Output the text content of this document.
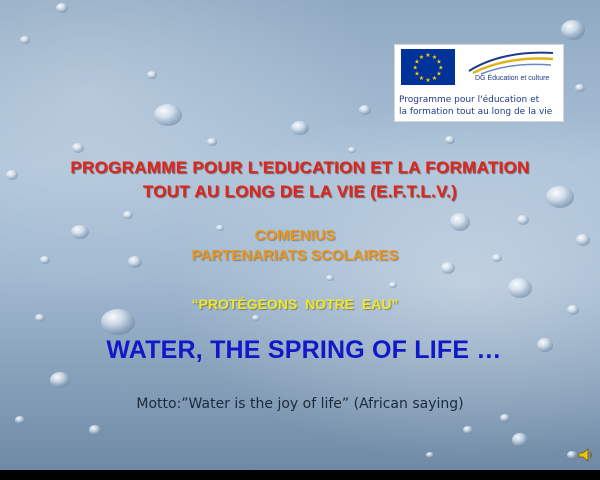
★ ★
★
★
★
★
★
★
★
★
★
★
DG Éducation et culture
Programme pour l'éducation et
la formation tout au long de la vie
PROGRAMME POUR L'EDUCATION ET LA FORMATION
TOUT AU LONG DE LA VIE (E.F.T.L.V.)
COMENIUS
PARTENARIATS SCOLAIRES
“PROTÉGEONS  NOTRE  EAU”
WATER, THE SPRING OF LIFE …
Motto:”Water is the joy of life” (African saying)
